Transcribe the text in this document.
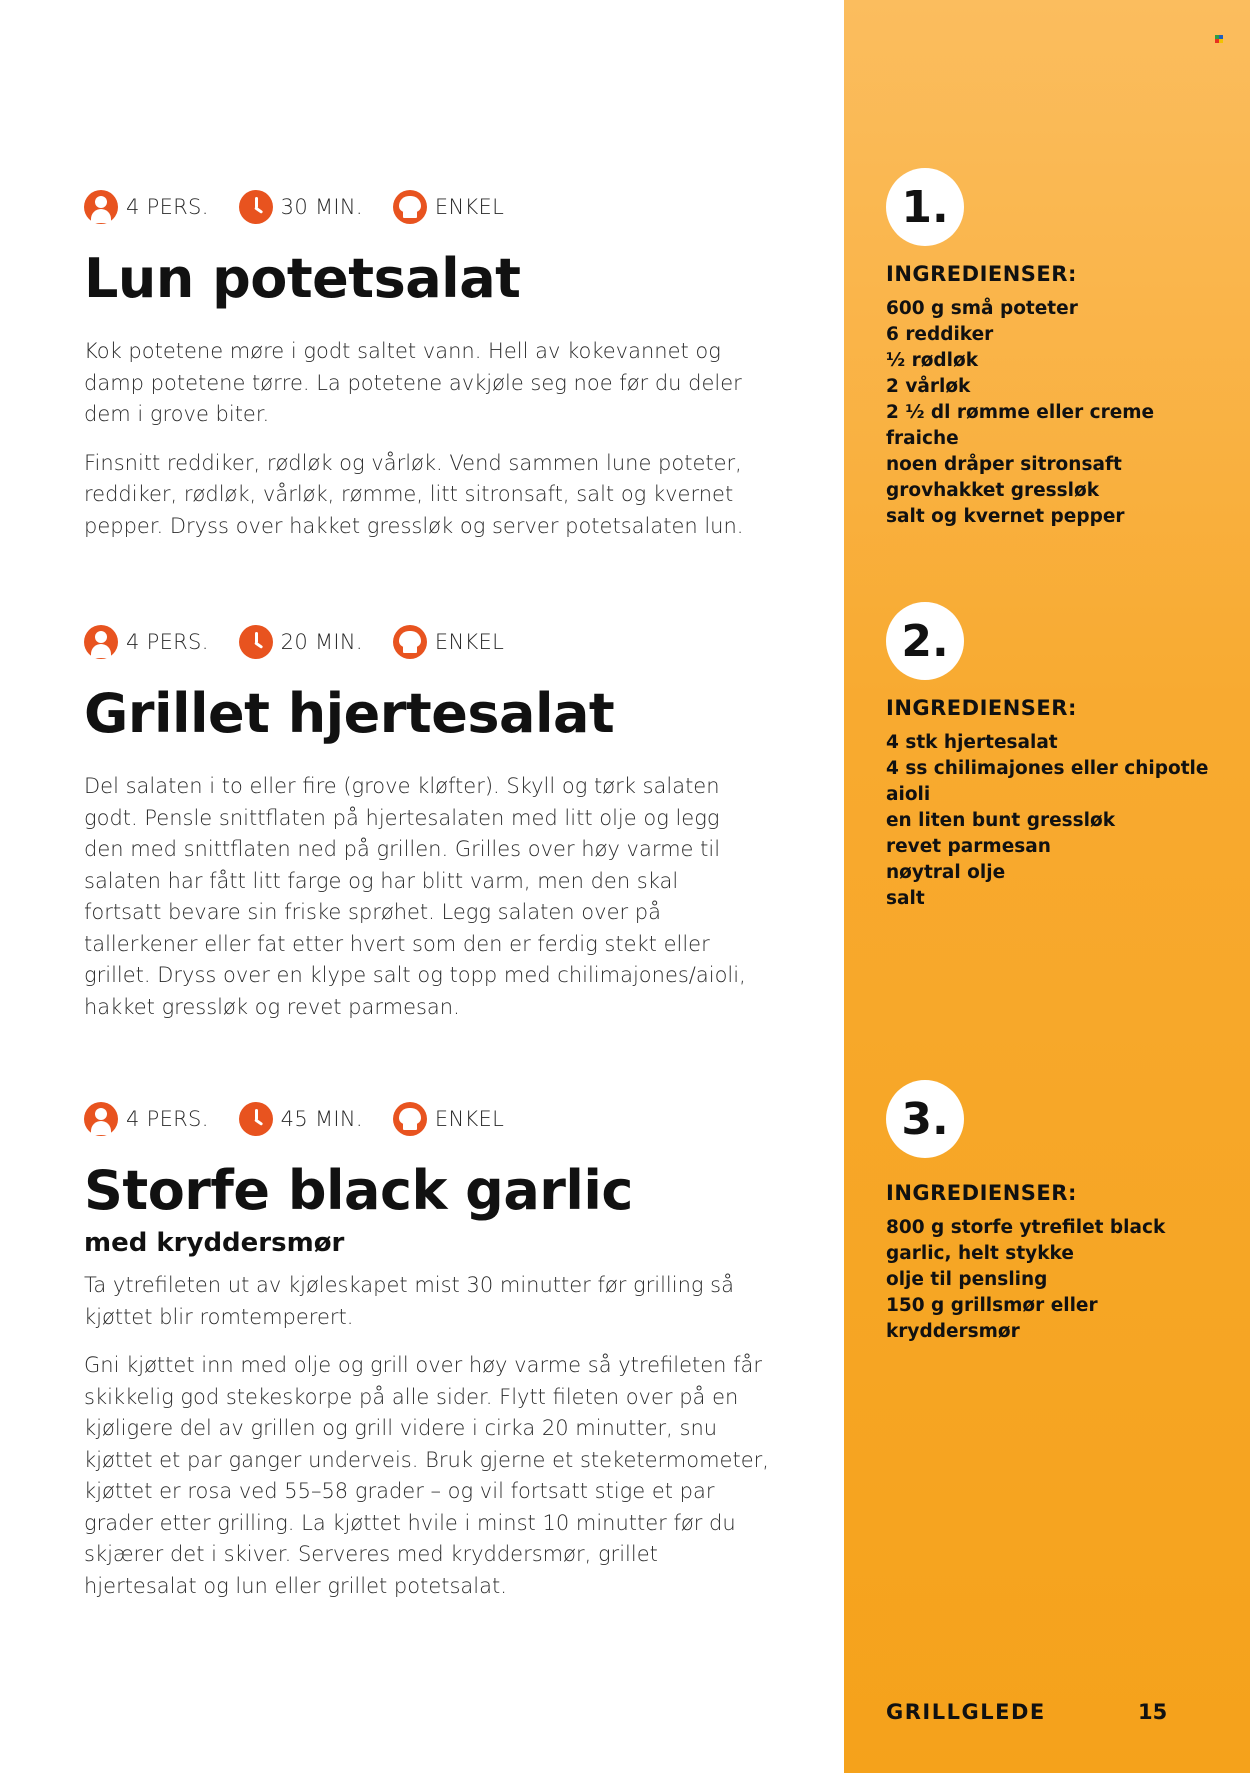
4 PERS.	30 MIN.	ENKEL
Lun potetsalat

Kok potetene møre i godt saltet vann. Hell av kokevannet og damp potetene tørre. La potetene avkjøle seg noe før du deler dem i grove biter.

Finsnitt reddiker, rødløk og vårløk. Vend sammen lune poteter, reddiker, rødløk, vårløk, rømme, litt sitronsaft, salt og kvernet pepper. Dryss over hakket gressløk og server potetsalaten lun.

4 PERS.	20 MIN.	ENKEL
Grillet hjertesalat

Del salaten i to eller fire (grove kløfter). Skyll og tørk salaten godt. Pensle snittflaten på hjertesalaten med litt olje og legg den med snittflaten ned på grillen. Grilles over høy varme til salaten har fått litt farge og har blitt varm, men den skal fortsatt bevare sin friske sprøhet. Legg salaten over på tallerkener eller fat etter hvert som den er ferdig stekt eller grillet. Dryss over en klype salt og topp med chilimajones/aioli, hakket gressløk og revet parmesan.

4 PERS.	45 MIN.	ENKEL
Storfe black garlic
med kryddersmør

Ta ytrefileten ut av kjøleskapet mist 30 minutter før grilling så kjøttet blir romtemperert.

Gni kjøttet inn med olje og grill over høy varme så ytrefileten får skikkelig god stekeskorpe på alle sider. Flytt fileten over på en kjøligere del av grillen og grill videre i cirka 20 minutter, snu kjøttet et par ganger underveis. Bruk gjerne et steketermometer, kjøttet er rosa ved 55–58 grader – og vil fortsatt stige et par grader etter grilling. La kjøttet hvile i minst 10 minutter før du skjærer det i skiver. Serveres med kryddersmør, grillet hjertesalat og lun eller grillet potetsalat.

1.
INGREDIENSER:
600 g små poteter
6 reddiker
½ rødløk
2 vårløk
2 ½ dl rømme eller creme
fraiche
noen dråper sitronsaft
grovhakket gressløk
salt og kvernet pepper
2.
INGREDIENSER:
4 stk hjertesalat
4 ss chilimajones eller chipotle
aioli
en liten bunt gressløk
revet parmesan
nøytral olje
salt
3.
INGREDIENSER:
800 g storfe ytrefilet black
garlic, helt stykke
olje til pensling
150 g grillsmør eller
kryddersmør
GRILLGLEDE	15
